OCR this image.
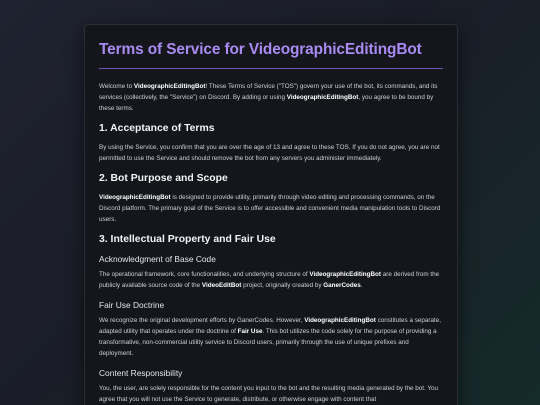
Terms of Service for VideographicEditingBot

Welcome to VideographicEditingBot! These Terms of Service ("TOS") govern your use of the bot, its commands, and its services (collectively, the "Service") on Discord. By adding or using VideographicEditingBot, you agree to be bound by these terms.

1. Acceptance of Terms

By using the Service, you confirm that you are over the age of 13 and agree to these TOS. If you do not agree, you are not permitted to use the Service and should remove the bot from any servers you administer immediately.

2. Bot Purpose and Scope

VideographicEditingBot is designed to provide utility, primarily through video editing and processing commands, on the Discord platform. The primary goal of the Service is to offer accessible and convenient media manipulation tools to Discord users.

3. Intellectual Property and Fair Use
Acknowledgment of Base Code

The operational framework, core functionalities, and underlying structure of VideographicEditingBot are derived from the publicly available source code of the VideoEditBot project, originally created by GanerCodes.

Fair Use Doctrine

We recognize the original development efforts by GanerCodes. However, VideographicEditingBot constitutes a separate, adapted utility that operates under the doctrine of Fair Use. This bot utilizes the code solely for the purpose of providing a transformative, non-commercial utility service to Discord users, primarily through the use of unique prefixes and deployment.

Content Responsibility

You, the user, are solely responsible for the content you input to the bot and the resulting media generated by the bot. You agree that you will not use the Service to generate, distribute, or otherwise engage with content that
